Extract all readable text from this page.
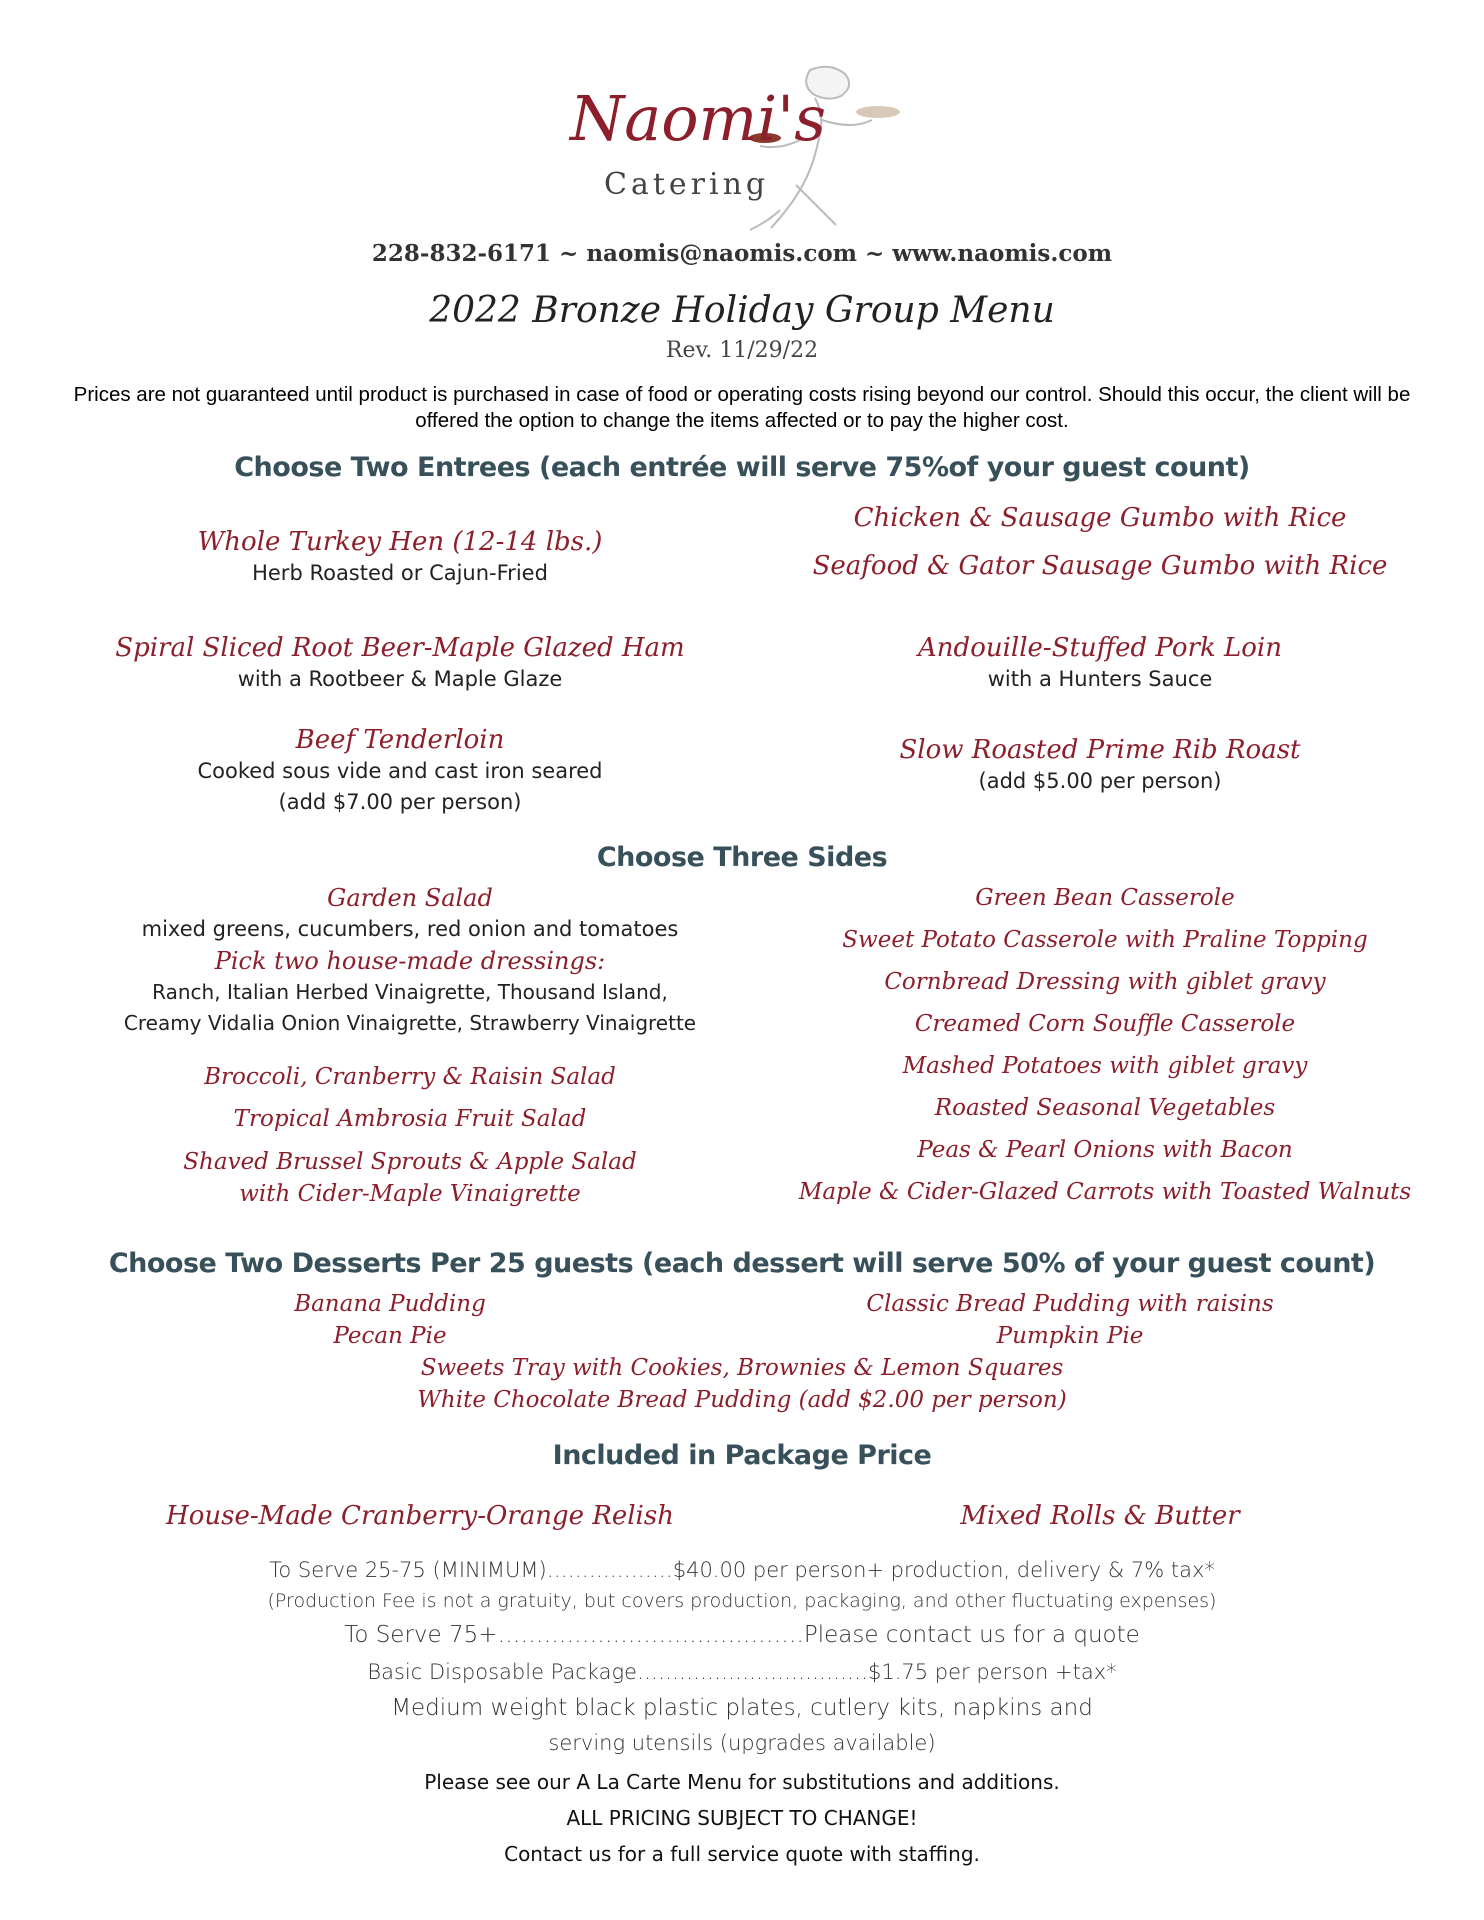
Naomi's
Catering
228-832-6171 ~ naomis@naomis.com ~ www.naomis.com
2022 Bronze Holiday Group Menu
Rev. 11/29/22
Prices are not guaranteed until product is purchased in case of food or operating costs rising beyond our control. Should this occur, the client will be offered the option to change the items affected or to pay the higher cost.
Choose Two Entrees (each entrée will serve 75%of your guest count)
Whole Turkey Hen (12-14 lbs.)
Herb Roasted or Cajun-Fried
Spiral Sliced Root Beer-Maple Glazed Ham
with a Rootbeer & Maple Glaze
Beef Tenderloin
Cooked sous vide and cast iron seared
(add $7.00 per person)
Chicken & Sausage Gumbo with Rice
Seafood & Gator Sausage Gumbo with Rice
Andouille-Stuffed Pork Loin
with a Hunters Sauce
Slow Roasted Prime Rib Roast
(add $5.00 per person)
Choose Three Sides
Garden Salad
mixed greens, cucumbers, red onion and tomatoes
Pick two house-made dressings:
Ranch, Italian Herbed Vinaigrette, Thousand Island,
Creamy Vidalia Onion Vinaigrette, Strawberry Vinaigrette
Broccoli, Cranberry & Raisin Salad
Tropical Ambrosia Fruit Salad
Shaved Brussel Sprouts & Apple Salad
with Cider-Maple Vinaigrette
Green Bean Casserole
Sweet Potato Casserole with Praline Topping
Cornbread Dressing with giblet gravy
Creamed Corn Souffle Casserole
Mashed Potatoes with giblet gravy
Roasted Seasonal Vegetables
Peas & Pearl Onions with Bacon
Maple & Cider-Glazed Carrots with Toasted Walnuts
Choose Two Desserts Per 25 guests (each dessert will serve 50% of your guest count)
Banana Pudding
Pecan Pie
Classic Bread Pudding with raisins
Pumpkin Pie
Sweets Tray with Cookies, Brownies & Lemon Squares
White Chocolate Bread Pudding (add $2.00 per person)
Included in Package Price
House-Made Cranberry-Orange Relish	Mixed Rolls & Butter
To Serve 25-75 (MINIMUM)………………$40.00 per person+ production, delivery & 7% tax*
(Production Fee is not a gratuity, but covers production, packaging, and other fluctuating expenses)
To Serve 75+………………………………….Please contact us for a quote
Basic Disposable Package……………………………$1.75 per person +tax*
Medium weight black plastic plates, cutlery kits, napkins and
serving utensils (upgrades available)
Please see our A La Carte Menu for substitutions and additions.
ALL PRICING SUBJECT TO CHANGE!
Contact us for a full service quote with staffing.
